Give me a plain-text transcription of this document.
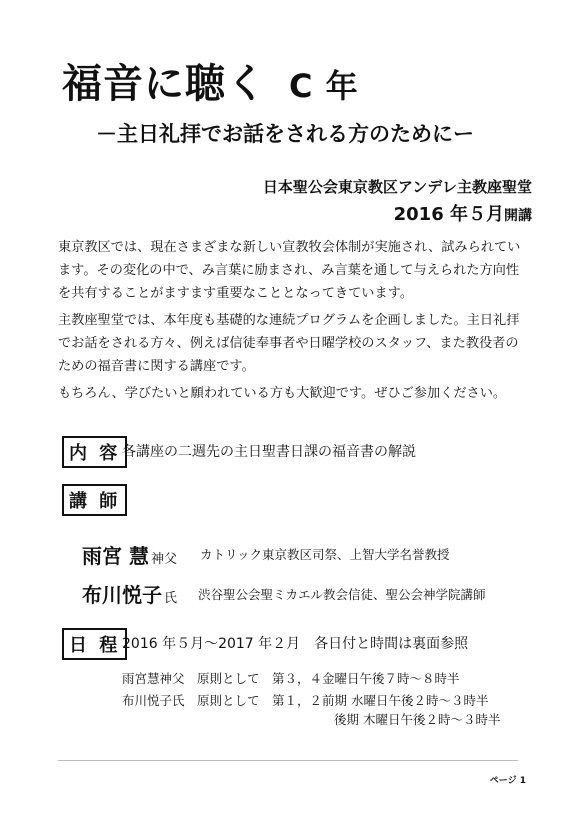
福音に聴く C 年
－主日礼拝でお話をされる方のためにー
日本聖公会東京教区アンデレ主教座聖堂
2016 年５月開講

東京教区では、現在さまざまな新しい宣教牧会体制が実施され、試みられています。その変化の中で、み言葉に励まされ、み言葉を通して与えられた方向性を共有することがますます重要なこととなってきています。

主教座聖堂では、本年度も基礎的な連続プログラムを企画しました。主日礼拝でお話をされる方々、例えば信徒奉事者や日曜学校のスタッフ、また教役者のための福音書に関する講座です。

もちろん、学びたいと願われている方も大歓迎です。ぜひご参加ください。

内 容 各講座の二週先の主日聖書日課の福音書の解説
講 師
雨宮 慧 神父 カトリック東京教区司祭、上智大学名誉教授
布川悦子 氏 渋谷聖公会聖ミカエル教会信徒、聖公会神学院講師
日 程 2016 年５月～2017 年２月　各日付と時間は裏面参照
雨宮慧神父　原則として　第３，４金曜日午後７時～８時半
布川悦子氏　原則として　第１，２前期 水曜日午後２時～３時半
後期 木曜日午後２時～３時半
ページ 1
